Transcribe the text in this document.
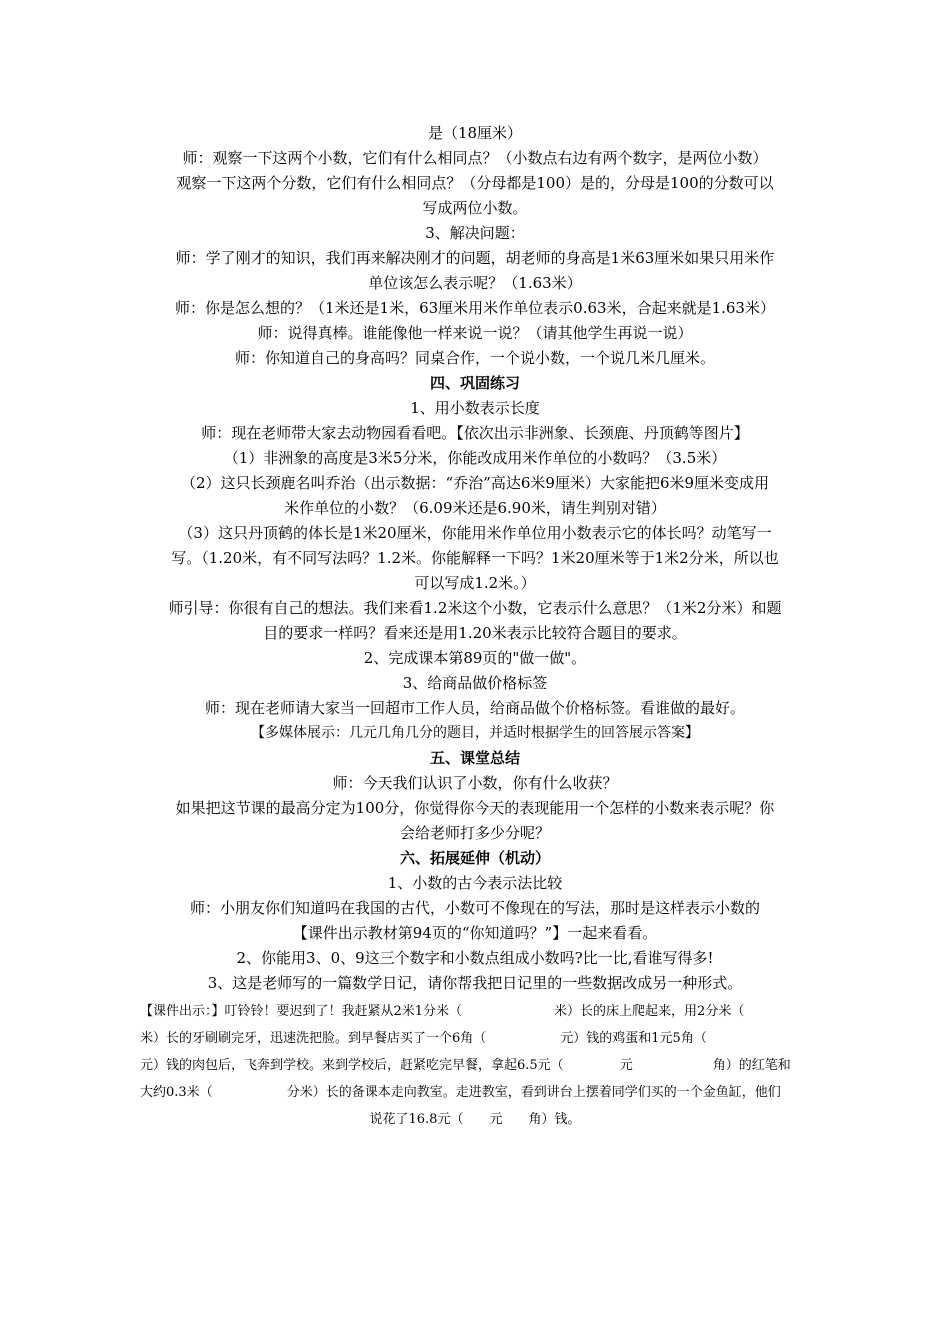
是（18厘米）
师：观察一下这两个小数，它们有什么相同点？（小数点右边有两个数字，是两位小数）
观察一下这两个分数，它们有什么相同点？（分母都是100）是的，分母是100的分数可以
写成两位小数。
3、解决问题：
师：学了刚才的知识，我们再来解决刚才的问题，胡老师的身高是1米63厘米如果只用米作
单位该怎么表示呢？（1.63米）
师：你是怎么想的？（1米还是1米，63厘米用米作单位表示0.63米，合起来就是1.63米）
师：说得真棒。谁能像他一样来说一说？（请其他学生再说一说）
师：你知道自己的身高吗？同桌合作，一个说小数，一个说几米几厘米。
四、巩固练习
1、用小数表示长度
师：现在老师带大家去动物园看看吧。【依次出示非洲象、长颈鹿、丹顶鹤等图片】
（1）非洲象的高度是3米5分米，你能改成用米作单位的小数吗？（3.5米）
（2）这只长颈鹿名叫乔治（出示数据：“乔治”高达6米9厘米）大家能把6米9厘米变成用
米作单位的小数？（6.09米还是6.90米，请生判别对错）
（3）这只丹顶鹤的体长是1米20厘米，你能用米作单位用小数表示它的体长吗？动笔写一
写。（1.20米，有不同写法吗？1.2米。你能解释一下吗？1米20厘米等于1米2分米，所以也
可以写成1.2米。）
师引导：你很有自己的想法。我们来看1.2米这个小数，它表示什么意思？（1米2分米）和题
目的要求一样吗？看来还是用1.20米表示比较符合题目的要求。
2、完成课本第89页的"做一做"。
3、给商品做价格标签
师：现在老师请大家当一回超市工作人员，给商品做个价格标签。看谁做的最好。
【多媒体展示：几元几角几分的题目，并适时根据学生的回答展示答案】
五、课堂总结
师：今天我们认识了小数，你有什么收获？
如果把这节课的最高分定为100分，你觉得你今天的表现能用一个怎样的小数来表示呢？你
会给老师打多少分呢？
六、拓展延伸（机动）
1、小数的古今表示法比较
师：小朋友你们知道吗在我国的古代，小数可不像现在的写法，那时是这样表示小数的
【课件出示教材第94页的“你知道吗？”】一起来看看。
2、你能用3、0、9这三个数字和小数点组成小数吗?比一比,看谁写得多!
3、这是老师写的一篇数学日记，请你帮我把日记里的一些数据改成另一种形式。
【课件出示：】叮铃铃！要迟到了！我赶紧从2米1分米（	米）长的床上爬起来，用2分米（
米）长的牙刷刷完牙，迅速洗把脸。到早餐店买了一个6角（	元）钱的鸡蛋和1元5角（
元）钱的肉包后，飞奔到学校。来到学校后，赶紧吃完早餐，拿起6.5元（	元	角）的红笔和
大约0.3米（	分米）长的备课本走向教室。走进教室，看到讲台上摆着同学们买的一个金鱼缸，他们
说花了16.8元（ 元 角）钱。
